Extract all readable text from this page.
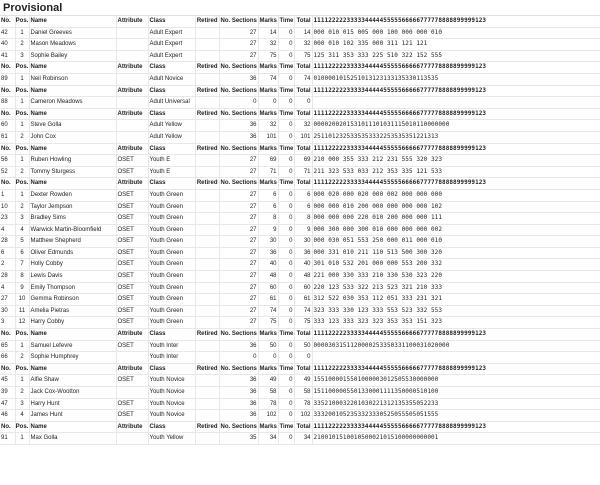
Provisional
No.	Pos.	Name	Attribute	Class	Retired	No. Sections	Marks	Time	Total	11112222233333444445555566666777778888899999123
42	1	Daniel Greeves		Adult Expert		27	14	0	14	000 010 015 005 000 100 000 000 010
40	2	Mason Meadows		Adult Expert		27	32	0	32	000 010 102 335 000 311 121 121
41	3	Sophie Bailey		Adult Expert		27	75	0	75	125 311 353 333 225 510 322 152 555
No.	Pos.	Name	Attribute	Class	Retired	No. Sections	Marks	Time	Total	11112222233333444445555566666777778888899999123
89	1	Neil Robinson		Adult Novice		36	74	0	74	0100001015251013123133135330113535
No.	Pos.	Name	Attribute	Class	Retired	No. Sections	Marks	Time	Total	11112222233333444445555566666777778888899999123
88	1	Cameron Meadows		Adult Universal		0	0	0	0	
No.	Pos.	Name	Attribute	Class	Retired	No. Sections	Marks	Time	Total	11112222233333444445555566666777778888899999123
60	1	Steve Golla		Adult Yellow		36	32	0	32	0000200201531011101031115010110000000
61	2	John Cox		Adult Yellow		36	101	0	101	2511012325335353332253535351221313
No.	Pos.	Name	Attribute	Class	Retired	No. Sections	Marks	Time	Total	11112222233333444445555566666777778888899999123
56	1	Ruben Howling	OSET	Youth E		27	69	0	69	210 000 355 333 212 231 555 320 323
52	2	Tommy Sturgess	OSET	Youth E		27	71	0	71	211 323 533 033 212 353 335 121 533
No.	Pos.	Name	Attribute	Class	Retired	No. Sections	Marks	Time	Total	11112222233333444445555566666777778888899999123
1	1	Dexter Rowden	OSET	Youth Green		27	6	0	6	000 020 000 020 000 002 000 000 000
10	2	Taylor Jempson	OSET	Youth Green		27	6	0	6	000 000 010 200 000 000 000 000 102
23	3	Bradley Sims	OSET	Youth Green		27	8	0	8	000 000 000 220 010 200 000 000 111
4	4	Warwick Martin-Bloomfield	OSET	Youth Green		27	9	0	9	000 300 000 300 010 000 000 000 002
28	5	Matthew Shepherd	OSET	Youth Green		27	30	0	30	000 030 051 553 250 000 011 000 010
6	6	Oliver Edmunds	OSET	Youth Green		27	36	0	36	000 331 010 211 110 513 500 300 320
2	7	Holly Cobby	OSET	Youth Green		27	40	0	40	301 010 532 201 000 000 553 200 332
28	8	Lewis Davis	OSET	Youth Green		27	48	0	48	221 000 330 333 210 330 530 323 220
4	9	Emily Thompson	OSET	Youth Green		27	60	0	60	220 123 533 322 213 523 321 210 333
27	10	Gemma Robinson	OSET	Youth Green		27	61	0	61	312 522 030 353 112 051 333 231 321
30	11	Amelia Pietras	OSET	Youth Green		27	74	0	74	323 333 330 123 333 553 523 332 553
3	12	Harry Cobby	OSET	Youth Green		27	75	0	75	333 123 333 323 323 353 353 151 323
No.	Pos.	Name	Attribute	Class	Retired	No. Sections	Marks	Time	Total	11112222233333444445555566666777778888899999123
65	1	Samuel Lefevre	OSET	Youth Inter		36	50	0	50	0000303151120000253350331100031020000
66	2	Sophie Humphrey		Youth Inter		0	0	0	0	
No.	Pos.	Name	Attribute	Class	Retired	No. Sections	Marks	Time	Total	11112222233333444445555566666777778888899999123
45	1	Alfie Shaw	OSET	Youth Novice		36	49	0	49	1551000015501000003012505530000000
39	2	Jack Cox-Wootton		Youth Novice		36	58	0	58	1511000005501330001111350000510100
47	3	Harry Hunt	OSET	Youth Novice		36	78	0	78	3352100032201030221312135355052233
46	4	James Hunt	OSET	Youth Novice		36	102	0	102	3332001052353323330525055505051555
No.	Pos.	Name	Attribute	Class	Retired	No. Sections	Marks	Time	Total	11112222233333444445555566666777778888899999123
91	1	Max Golla		Youth Yellow		35	34	0	34	2100101510010500021015100000000001
